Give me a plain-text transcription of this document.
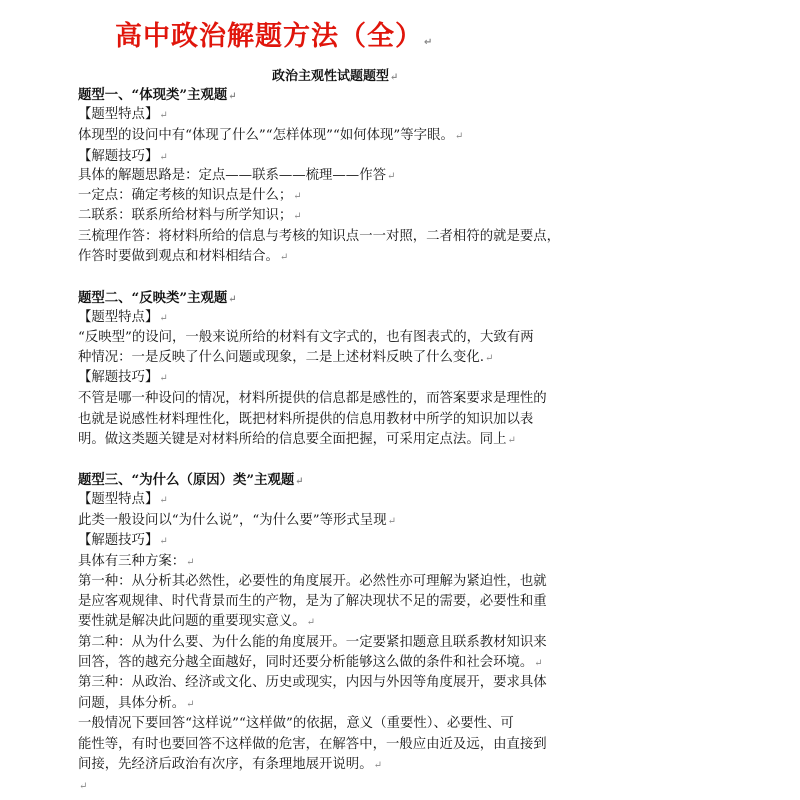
高中政治解题方法（全）↵
政治主观性试题题型↵
题型一、“体现类”主观题↵
【题型特点】↵
体现型的设问中有“体现了什么”“怎样体现”“如何体现”等字眼。↵
【解题技巧】↵
具体的解题思路是：定点——联系——梳理——作答↵
一定点：确定考核的知识点是什么；↵
二联系：联系所给材料与所学知识；↵
三梳理作答：将材料所给的信息与考核的知识点一一对照，二者相符的就是要点，
作答时要做到观点和材料相结合。↵
题型二、“反映类”主观题↵
【题型特点】↵
“反映型”的设问，一般来说所给的材料有文字式的，也有图表式的，大致有两
种情况：一是反映了什么问题或现象，二是上述材料反映了什么变化.↵
【解题技巧】↵
不管是哪一种设问的情况，材料所提供的信息都是感性的，而答案要求是理性的
也就是说感性材料理性化，既把材料所提供的信息用教材中所学的知识加以表
明。做这类题关键是对材料所给的信息要全面把握，可采用定点法。同上↵
题型三、“为什么（原因）类”主观题↵
【题型特点】↵
此类一般设问以“为什么说”，“为什么要”等形式呈现↵
【解题技巧】↵
具体有三种方案：↵
第一种：从分析其必然性，必要性的角度展开。必然性亦可理解为紧迫性，也就
是应客观规律、时代背景而生的产物，是为了解决现状不足的需要，必要性和重
要性就是解决此问题的重要现实意义。↵
第二种：从为什么要、为什么能的角度展开。一定要紧扣题意且联系教材知识来
回答，答的越充分越全面越好，同时还要分析能够这么做的条件和社会环境。↵
第三种：从政治、经济或文化、历史或现实，内因与外因等角度展开，要求具体
问题，具体分析。↵
一般情况下要回答“这样说”“这样做”的依据，意义（重要性）、必要性、可
能性等，有时也要回答不这样做的危害，在解答中，一般应由近及远，由直接到
间接，先经济后政治有次序，有条理地展开说明。↵
↵
